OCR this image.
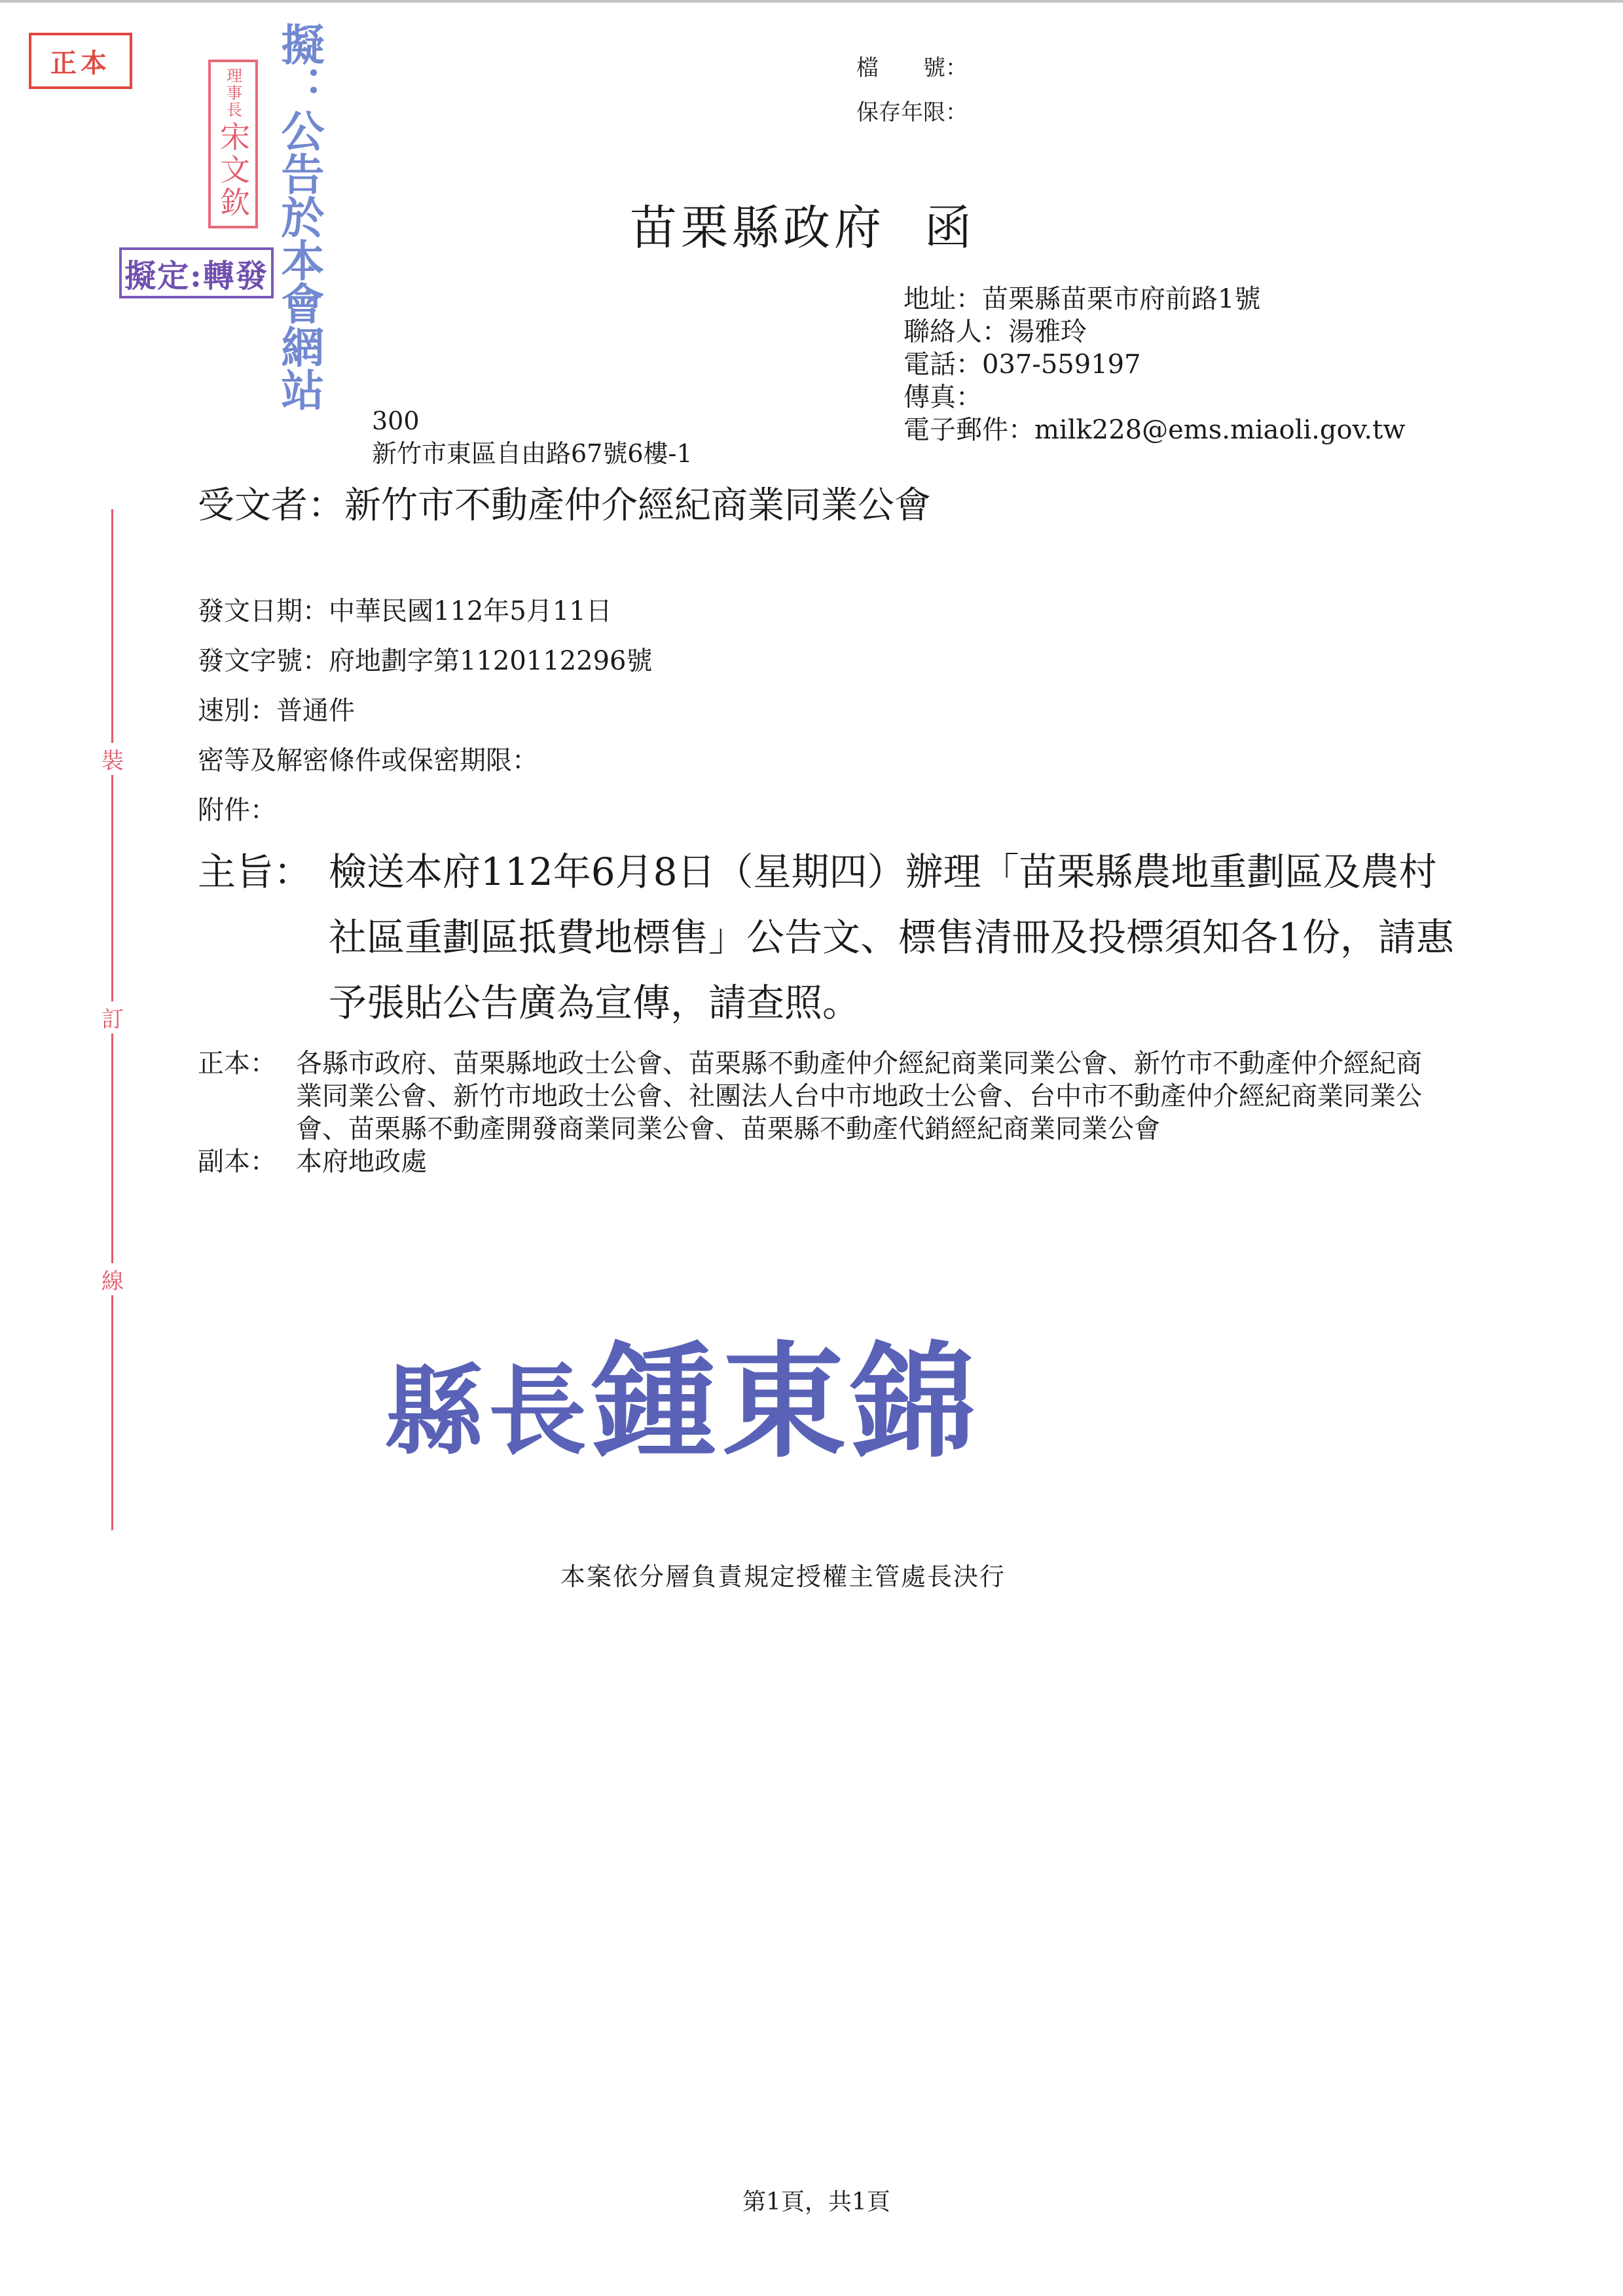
正本
理事長
宋文欽
擬定:轉發 擬：公告於本會網站	檔　　號：
保存年限：
苗栗縣政府 函
地址：苗栗縣苗栗市府前路1號
聯絡人：湯雅玲
電話：037-559197
傳真：
電子郵件：milk228@ems.miaoli.gov.tw
300
新竹市東區自由路67號6樓-1
受文者：新竹市不動產仲介經紀商業同業公會
發文日期：中華民國112年5月11日
發文字號：府地劃字第1120112296號
速別：普通件
密等及解密條件或保密期限：
附件：
主旨： 檢送本府112年6月8日（星期四）辦理「苗栗縣農地重劃區及農村社區重劃區抵費地標售」公告文、標售清冊及投標須知各1份，請惠予張貼公告廣為宣傳，請查照。
正本： 各縣市政府、苗栗縣地政士公會、苗栗縣不動產仲介經紀商業同業公會、新竹市不動產仲介經紀商業同業公會、新竹市地政士公會、社團法人台中市地政士公會、台中市不動產仲介經紀商業同業公會、苗栗縣不動產開發商業同業公會、苗栗縣不動產代銷經紀商業同業公會
副本： 本府地政處
縣長鍾東錦
本案依分層負責規定授權主管處長決行
裝
訂
線
第1頁，共1頁
